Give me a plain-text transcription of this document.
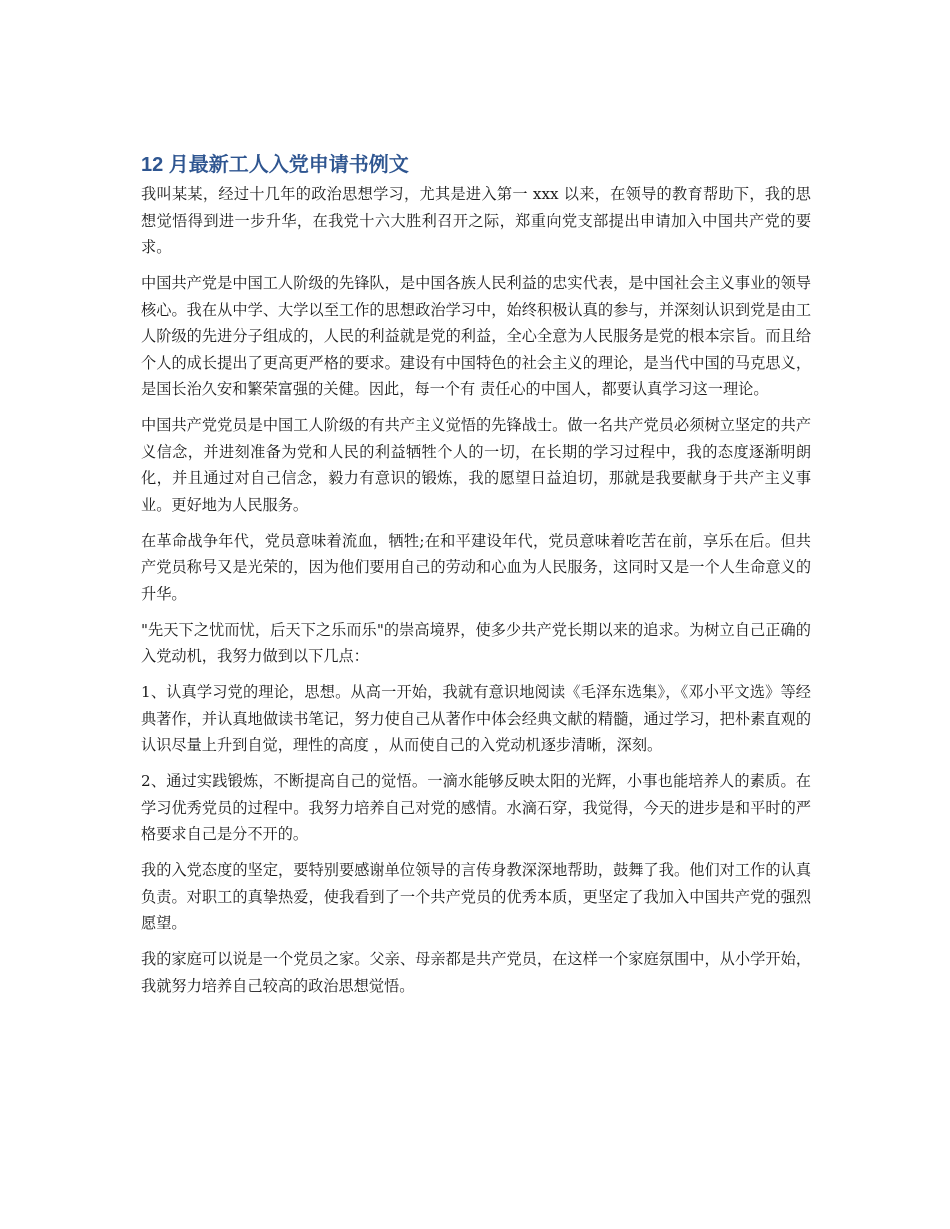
12 月最新工人入党申请书例文

我叫某某，经过十几年的政治思想学习，尤其是进入第一 xxx 以来，在领导的教育帮助下，我的思想觉悟得到进一步升华，在我党十六大胜利召开之际，郑重向党支部提出申请加入中国共产党的要求。

中国共产党是中国工人阶级的先锋队，是中国各族人民利益的忠实代表，是中国社会主义事业的领导核心。我在从中学、大学以至工作的思想政治学习中，始终积极认真的参与，并深刻认识到党是由工人阶级的先进分子组成的，人民的利益就是党的利益，全心全意为人民服务是党的根本宗旨。而且给个人的成长提出了更高更严格的要求。建设有中国特色的社会主义的理论，是当代中国的马克思义，是国长治久安和繁荣富强的关健。因此，每一个有 责任心的中国人，都要认真学习这一理论。

中国共产党党员是中国工人阶级的有共产主义觉悟的先锋战士。做一名共产党员必须树立坚定的共产义信念，并进刻准备为党和人民的利益牺牲个人的一切，在长期的学习过程中，我的态度逐渐明朗化，并且通过对自己信念，毅力有意识的锻炼，我的愿望日益迫切，那就是我要献身于共产主义事业。更好地为人民服务。

在革命战争年代，党员意味着流血，牺牲;在和平建设年代，党员意味着吃苦在前，享乐在后。但共产党员称号又是光荣的，因为他们要用自己的劳动和心血为人民服务，这同时又是一个人生命意义的升华。

"先天下之忧而忧，后天下之乐而乐"的崇高境界，使多少共产党长期以来的追求。为树立自己正确的入党动机，我努力做到以下几点：

1、认真学习党的理论，思想。从高一开始，我就有意识地阅读《毛泽东选集》，《邓小平文选》等经典著作，并认真地做读书笔记，努力使自己从著作中体会经典文献的精髓，通过学习，把朴素直观的认识尽量上升到自觉，理性的高度 ，从而使自己的入党动机逐步清晰，深刻。

2、通过实践锻炼，不断提高自己的觉悟。一滴水能够反映太阳的光辉，小事也能培养人的素质。在学习优秀党员的过程中。我努力培养自己对党的感情。水滴石穿，我觉得，今天的进步是和平时的严格要求自己是分不开的。

我的入党态度的坚定，要特别要感谢单位领导的言传身教深深地帮助，鼓舞了我。他们对工作的认真负责。对职工的真挚热爱，使我看到了一个共产党员的优秀本质，更坚定了我加入中国共产党的强烈愿望。

我的家庭可以说是一个党员之家。父亲、母亲都是共产党员，在这样一个家庭氛围中，从小学开始，我就努力培养自己较高的政治思想觉悟。
